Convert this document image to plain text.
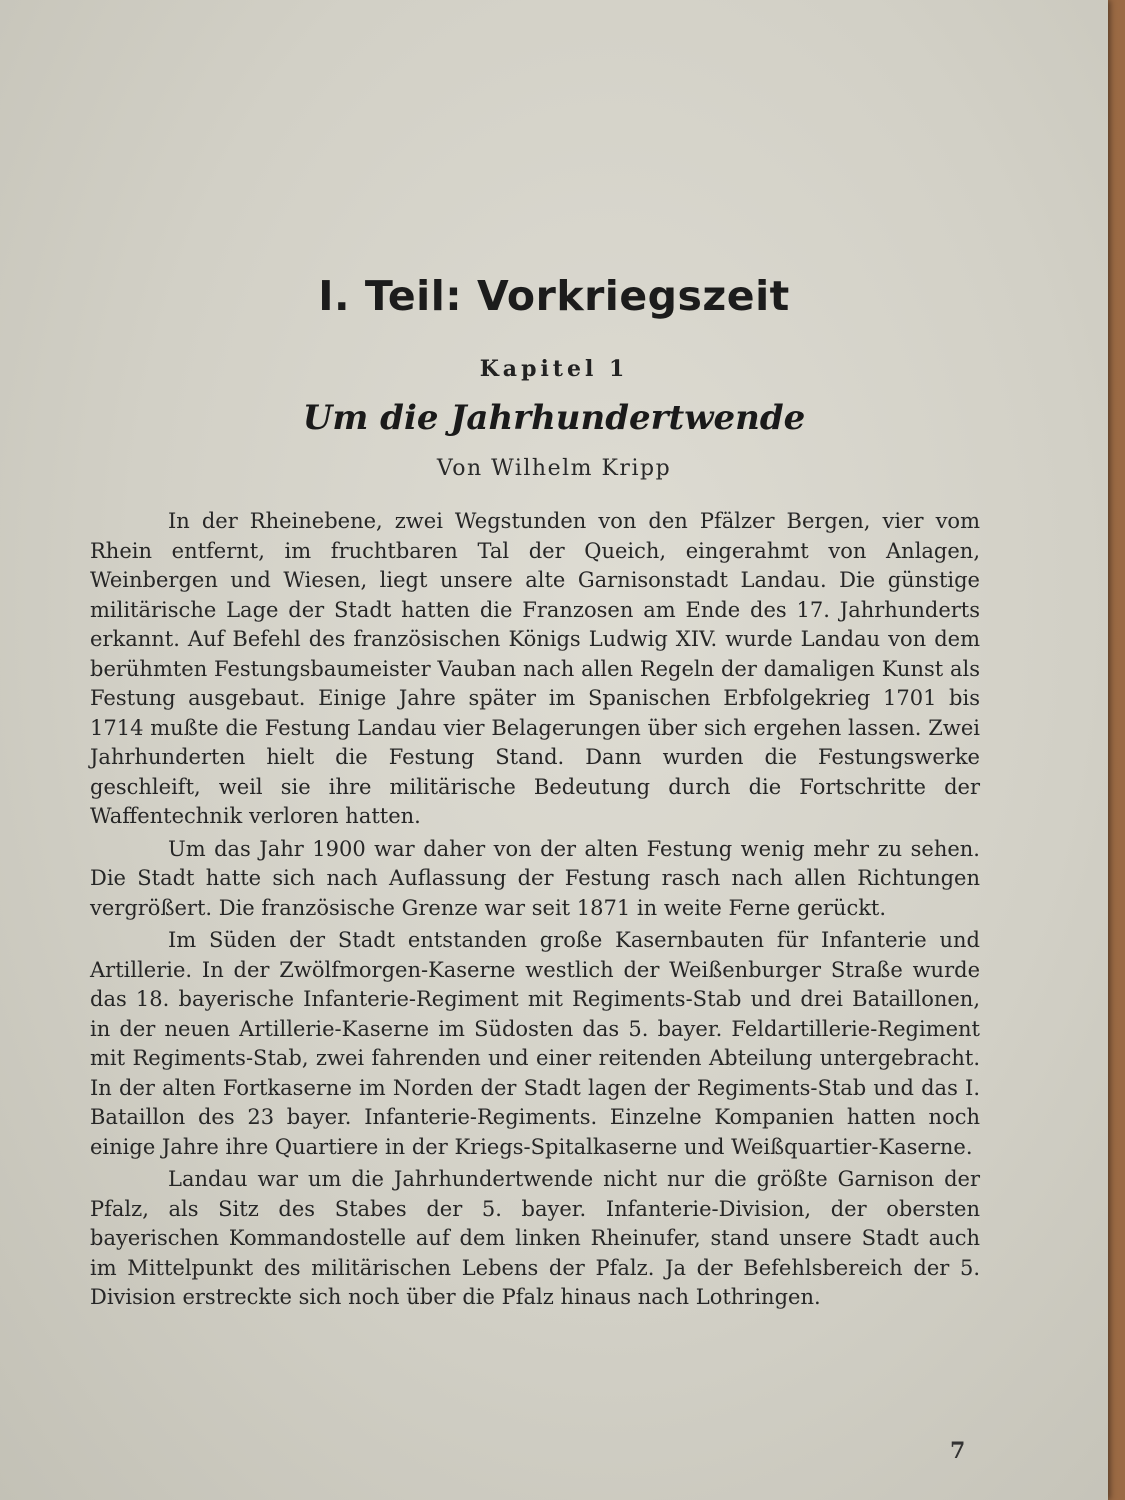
I. Teil: Vorkriegszeit
Kapitel 1
Um die Jahrhundertwende
Von Wilhelm Kripp

In der Rheinebene, zwei Wegstunden von den Pfälzer Bergen, vier vom Rhein entfernt, im fruchtbaren Tal der Queich, eingerahmt von Anlagen, Weinbergen und Wiesen, liegt unsere alte Garnisonstadt Landau. Die günstige militärische Lage der Stadt hatten die Franzosen am Ende des 17. Jahrhunderts erkannt. Auf Befehl des französischen Königs Ludwig XIV. wurde Landau von dem berühmten Festungsbaumeister Vauban nach allen Regeln der damaligen Kunst als Festung ausgebaut. Einige Jahre später im Spanischen Erbfolgekrieg 1701 bis 1714 mußte die Festung Landau vier Belagerungen über sich ergehen lassen. Zwei Jahrhunderten hielt die Festung Stand. Dann wurden die Festungswerke geschleift, weil sie ihre militärische Bedeutung durch die Fortschritte der Waffentechnik verloren hatten.

Um das Jahr 1900 war daher von der alten Festung wenig mehr zu sehen. Die Stadt hatte sich nach Auflassung der Festung rasch nach allen Richtungen vergrößert. Die französische Grenze war seit 1871 in weite Ferne gerückt.

Im Süden der Stadt entstanden große Kasernbauten für Infanterie und Artillerie. In der Zwölfmorgen-Kaserne westlich der Weißenburger Straße wurde das 18. bayerische Infanterie-Regiment mit Regiments-Stab und drei Bataillonen, in der neuen Artillerie-Kaserne im Südosten das 5. bayer. Feldartillerie-Regiment mit Regiments-Stab, zwei fahrenden und einer reitenden Abteilung untergebracht. In der alten Fortkaserne im Norden der Stadt lagen der Regiments-Stab und das I. Bataillon des 23 bayer. Infanterie-Regiments. Einzelne Kompanien hatten noch einige Jahre ihre Quartiere in der Kriegs-Spitalkaserne und Weißquartier-Kaserne.

Landau war um die Jahrhundertwende nicht nur die größte Garnison der Pfalz, als Sitz des Stabes der 5. bayer. Infanterie-Division, der obersten bayerischen Kommandostelle auf dem linken Rheinufer, stand unsere Stadt auch im Mittelpunkt des militärischen Lebens der Pfalz. Ja der Befehlsbereich der 5. Division erstreckte sich noch über die Pfalz hinaus nach Lothringen.

7
